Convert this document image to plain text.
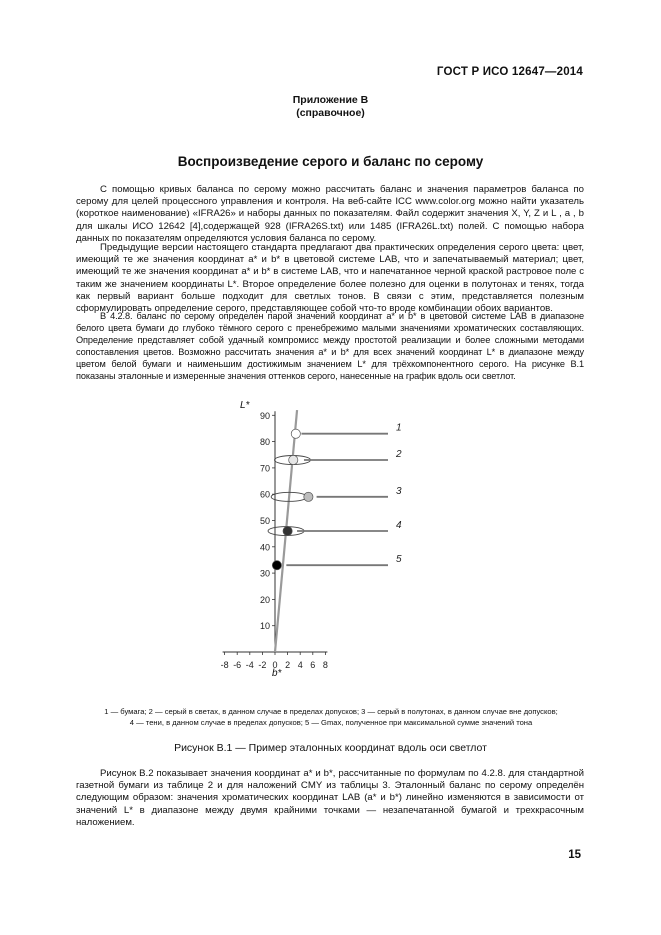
ГОСТ Р ИСО 12647—2014
Приложение В
(справочное)
Воспроизведение серого и баланс по серому
С помощью кривых баланса по серому можно рассчитать баланс и значения параметров баланса по серому для целей процессного управления и контроля. На веб-сайте ICC www.color.org можно найти указатель (короткое наименование) «IFRA26» и наборы данных по показателям. Файл содержит значения X, Y, Z и L , a , b для шкалы ИСО 12642 [4],содержащей 928 (IFRA26S.txt) или 1485 (IFRA26L.txt) полей. С помощью набора данных по показателям определяются условия баланса по серому.
Предыдущие версии настоящего стандарта предлагают два практических определения серого цвета: цвет, имеющий те же значения координат a* и b* в цветовой системе LAB, что и запечатываемый материал; цвет, имеющий те же значения координат a* и b* в системе LAB, что и напечатанное черной краской растровое поле с таким же значением координаты L*. Второе определение более полезно для оценки в полутонах и тенях, тогда как первый вариант больше подходит для светлых тонов. В связи с этим, представляется полезным сформулировать определение серого, представляющее собой что-то вроде комбинации обоих вариантов.
В 4.2.8. баланс по серому определен парой значений координат a* и b* в цветовой системе LAB в диапазоне белого цвета бумаги до глубоко тёмного серого с пренебрежимо малыми значениями хроматических составляющих. Определение представляет собой удачный компромисс между простотой реализации и более сложными методами сопоставления цветов. Возможно рассчитать значения a* и b* для всех значений координат L* в диапазоне между цветом белой бумаги и наименьшим достижимым значением L* для трёхкомпонентного серого. На рисунке В.1 показаны эталонные и измеренные значения оттенков серого, нанесенные на график вдоль оси светлот.
10
20
30
40
50
60
70
80
90
-8 -6 -4 -2 0 2 4 6 8
1
2
3
4
5
L*
b*
1 — бумага; 2 — серый в светах, в данном случае в пределах допусков; 3 — серый в полутонах, в данном случае вне допусков;
4 — тени, в данном случае в пределах допусков; 5 — Gmax, полученное при максимальной сумме значений тона
Рисунок В.1 — Пример эталонных координат вдоль оси светлот
Рисунок В.2 показывает значения координат a* и b*, рассчитанные по формулам по 4.2.8. для стандартной газетной бумаги из таблице 2 и для наложений CMY из таблицы 3. Эталонный баланс по серому определён следующим образом: значения хроматических координат LAB (a* и b*) линейно изменяются в зависимости от значений L* в диапазоне между двумя крайними точками — незапечатанной бумагой и трехкрасочным наложением.
15
